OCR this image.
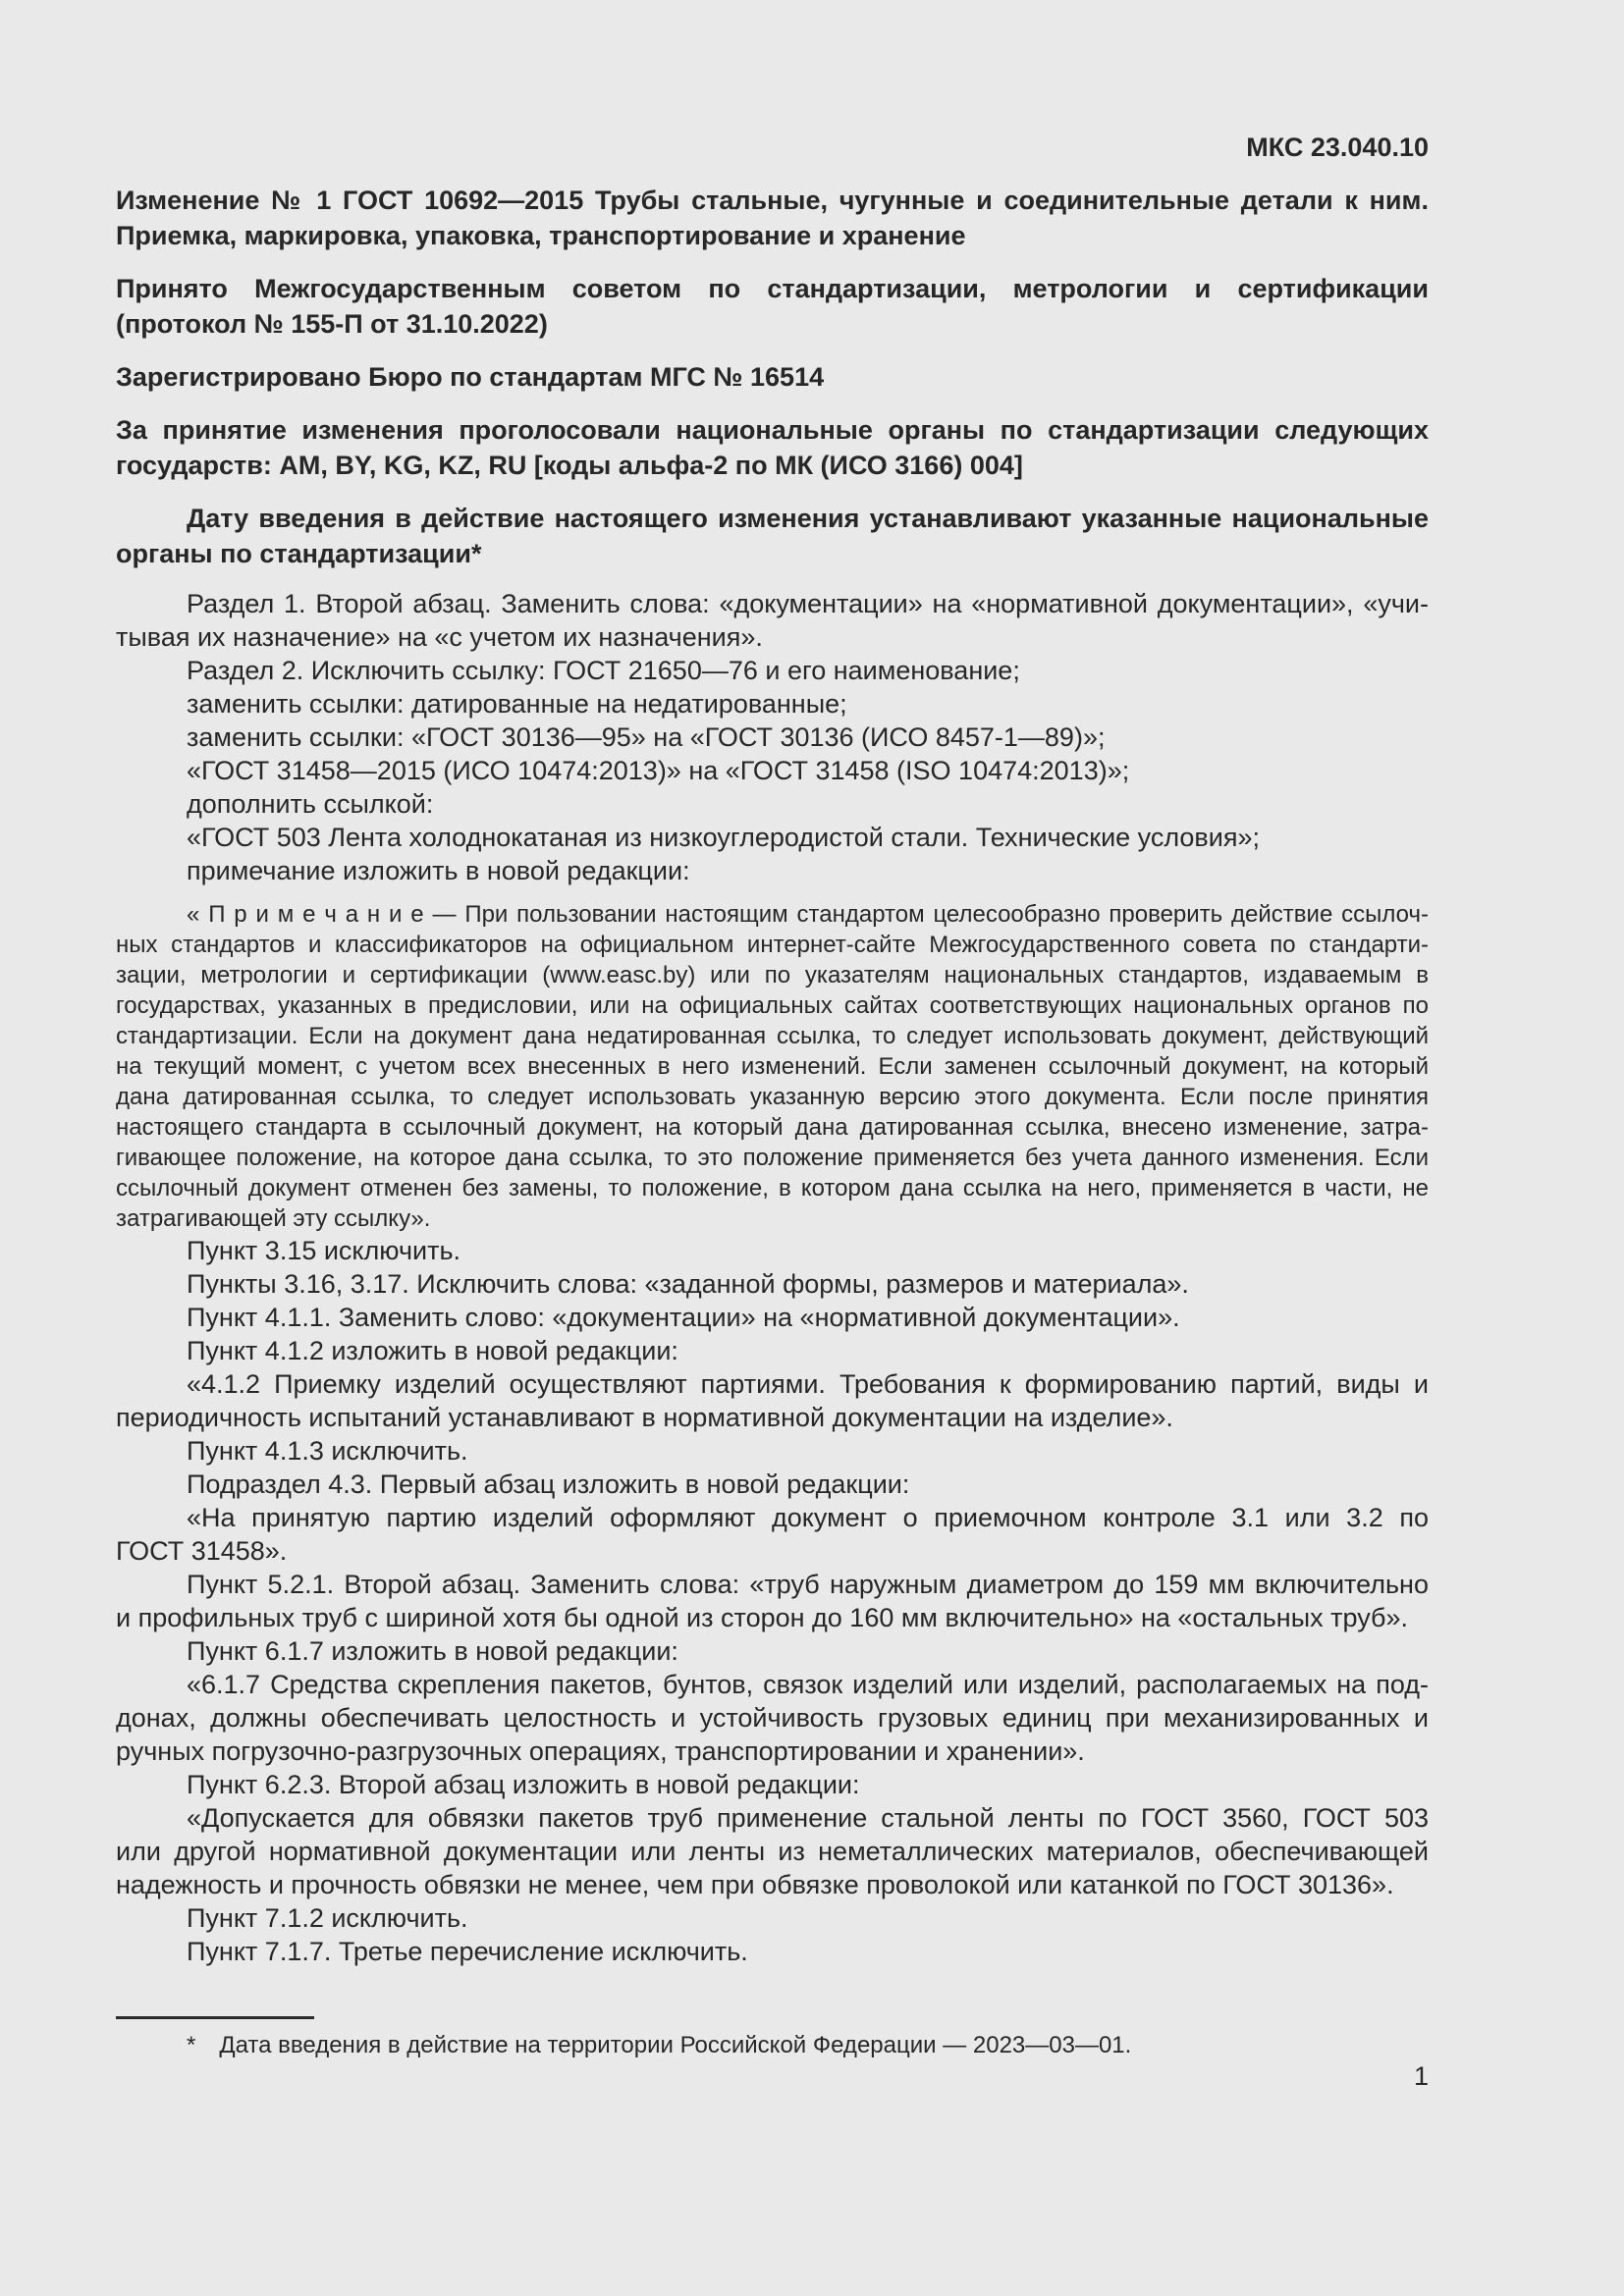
МКС 23.040.10
Изменение № 1 ГОСТ 10692—2015 Трубы стальные, чугунные и соединительные детали к ним.
Приемка, маркировка, упаковка, транспортирование и хранение
Принято Межгосударственным советом по стандартизации, метрологии и сертификации
(протокол № 155-П от 31.10.2022)
Зарегистрировано Бюро по стандартам МГС № 16514
За принятие изменения проголосовали национальные органы по стандартизации следующих
государств: AM, BY, KG, KZ, RU [коды альфа-2 по МК (ИСО 3166) 004]
Дату введения в действие настоящего изменения устанавливают указанные национальные
органы по стандартизации*
Раздел 1. Второй абзац. Заменить слова: «документации» на «нормативной документации», «учи-
тывая их назначение» на «с учетом их назначения».
Раздел 2. Исключить ссылку: ГОСТ 21650—76 и его наименование;
заменить ссылки: датированные на недатированные;
заменить ссылки: «ГОСТ 30136—95» на «ГОСТ 30136 (ИСО 8457-1—89)»;
«ГОСТ 31458—2015 (ИСО 10474:2013)» на «ГОСТ 31458 (ISO 10474:2013)»;
дополнить ссылкой:
«ГОСТ 503 Лента холоднокатаная из низкоуглеродистой стали. Технические условия»;
примечание изложить в новой редакции:
« П р и м е ч а н и е — При пользовании настоящим стандартом целесообразно проверить действие ссылоч-
ных стандартов и классификаторов на официальном интернет-сайте Межгосударственного совета по стандарти-
зации, метрологии и сертификации (www.easc.by) или по указателям национальных стандартов, издаваемым в
государствах, указанных в предисловии, или на официальных сайтах соответствующих национальных органов по
стандартизации. Если на документ дана недатированная ссылка, то следует использовать документ, действующий
на текущий момент, с учетом всех внесенных в него изменений. Если заменен ссылочный документ, на который
дана датированная ссылка, то следует использовать указанную версию этого документа. Если после принятия
настоящего стандарта в ссылочный документ, на который дана датированная ссылка, внесено изменение, затра-
гивающее положение, на которое дана ссылка, то это положение применяется без учета данного изменения. Если
ссылочный документ отменен без замены, то положение, в котором дана ссылка на него, применяется в части, не
затрагивающей эту ссылку».
Пункт 3.15 исключить.
Пункты 3.16, 3.17. Исключить слова: «заданной формы, размеров и материала».
Пункт 4.1.1. Заменить слово: «документации» на «нормативной документации».
Пункт 4.1.2 изложить в новой редакции:
«4.1.2 Приемку изделий осуществляют партиями. Требования к формированию партий, виды и
периодичность испытаний устанавливают в нормативной документации на изделие».
Пункт 4.1.3 исключить.
Подраздел 4.3. Первый абзац изложить в новой редакции:
«На принятую партию изделий оформляют документ о приемочном контроле 3.1 или 3.2 по
ГОСТ 31458».
Пункт 5.2.1. Второй абзац. Заменить слова: «труб наружным диаметром до 159 мм включительно
и профильных труб с шириной хотя бы одной из сторон до 160 мм включительно» на «остальных труб».
Пункт 6.1.7 изложить в новой редакции:
«6.1.7 Средства скрепления пакетов, бунтов, связок изделий или изделий, располагаемых на под-
донах, должны обеспечивать целостность и устойчивость грузовых единиц при механизированных и
ручных погрузочно-разгрузочных операциях, транспортировании и хранении».
Пункт 6.2.3. Второй абзац изложить в новой редакции:
«Допускается для обвязки пакетов труб применение стальной ленты по ГОСТ 3560, ГОСТ 503
или другой нормативной документации или ленты из неметаллических материалов, обеспечивающей
надежность и прочность обвязки не менее, чем при обвязке проволокой или катанкой по ГОСТ 30136».
Пункт 7.1.2 исключить.
Пункт 7.1.7. Третье перечисление исключить.
* Дата введения в действие на территории Российской Федерации — 2023—03—01.
1
